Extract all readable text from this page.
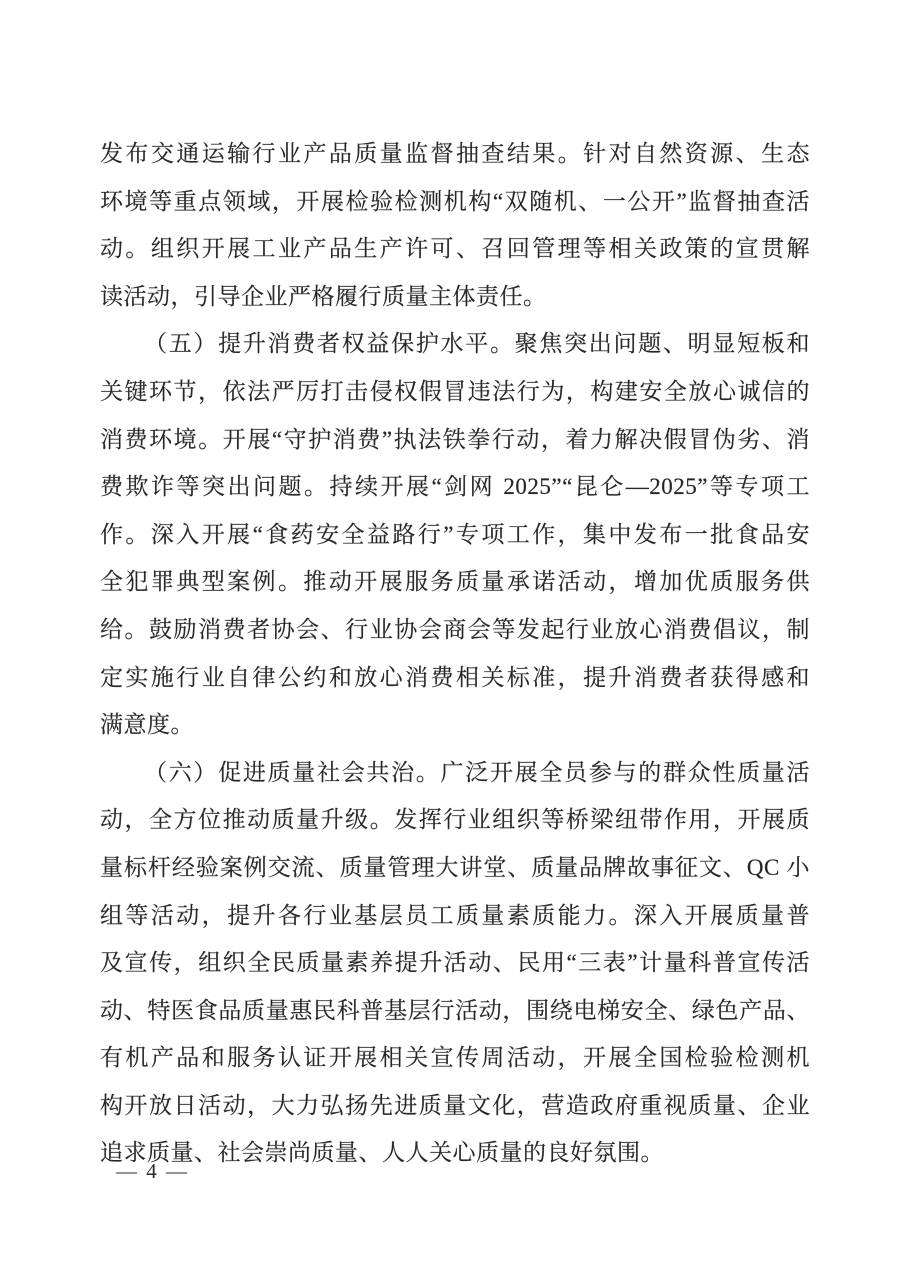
发布交通运输行业产品质量监督抽查结果。针对自然资源、生态
环境等重点领域，开展检验检测机构“双随机、一公开”监督抽查活
动。组织开展工业产品生产许可、召回管理等相关政策的宣贯解
读活动，引导企业严格履行质量主体责任。
（五）提升消费者权益保护水平。聚焦突出问题、明显短板和
关键环节，依法严厉打击侵权假冒违法行为，构建安全放心诚信的
消费环境。开展“守护消费”执法铁拳行动，着力解决假冒伪劣、消
费欺诈等突出问题。持续开展“剑网 2025”“昆仑—2025”等专项工
作。深入开展“食药安全益路行”专项工作，集中发布一批食品安
全犯罪典型案例。推动开展服务质量承诺活动，增加优质服务供
给。鼓励消费者协会、行业协会商会等发起行业放心消费倡议，制
定实施行业自律公约和放心消费相关标准，提升消费者获得感和
满意度。
（六）促进质量社会共治。广泛开展全员参与的群众性质量活
动，全方位推动质量升级。发挥行业组织等桥梁纽带作用，开展质
量标杆经验案例交流、质量管理大讲堂、质量品牌故事征文、QC 小
组等活动，提升各行业基层员工质量素质能力。深入开展质量普
及宣传，组织全民质量素养提升活动、民用“三表”计量科普宣传活
动、特医食品质量惠民科普基层行活动，围绕电梯安全、绿色产品、
有机产品和服务认证开展相关宣传周活动，开展全国检验检测机
构开放日活动，大力弘扬先进质量文化，营造政府重视质量、企业
追求质量、社会崇尚质量、人人关心质量的良好氛围。
— 4 —
